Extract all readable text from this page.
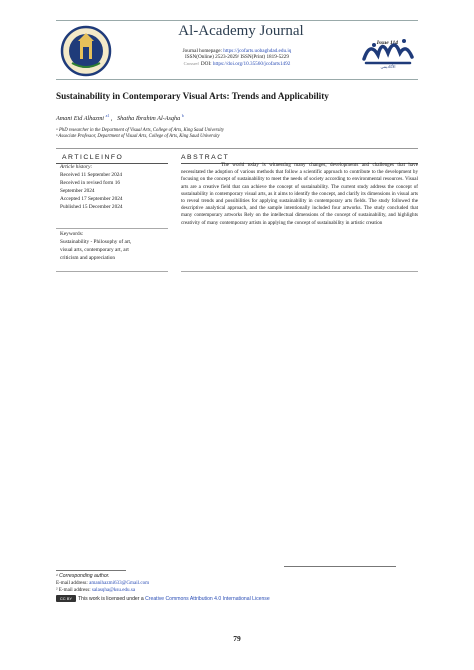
Al-Academy Journal
Issue 114
Journal homepage: https://jcofarts.uobaghdad.edu.iq
ISSN(Online) 2523-2029/ ISSN(Print) 1819-5229
Crossref DOI: https://doi.org/10.35560/jcofarts1492	الأكاديمي
Sustainability in Contemporary Visual Arts: Trends and Applicability
Amani Eid Alhazmi $^{a1}$ , Shatha Ibrahim Al-Asqha $^b$
ᵃ PhD researcher in the Department of Visual Arts, College of Arts, King Saud University
ᵇ Associate Professor, Department of Visual Arts, College of Arts, King Saud University
ARTICLEINFO
Article history:
Received 11 September 2024
Received in revised form 16
September 2024
Accepted 17 September 2024
Published 15 December 2024
Keywords:
Sustainability - Philosophy of art,
visual arts, contemporary art, art
criticism and appreciation
ABSTRACT
The world today is witnessing many changes, developments and challenges that have necessitated the adoption of various methods that follow a scientific approach to contribute to the development by focusing on the concept of sustainability to meet the needs of society according to environmental resources. Visual arts are a creative field that can achieve the concept of sustainability. The current study address the concept of sustainability in contemporary visual arts, as it aims to identify the concept, and clarify its dimensions in visual arts to reveal trends and possibilities for applying sustainability in contemporary arts fields. The study followed the descriptive analytical approach, and the sample intentionally included four artworks. The study concluded that many contemporary artworks Rely on the intellectual dimensions of the concept of sustainability, and highlights creativity of many contemporary artists in applying the concept of sustainability in artistic creation
¹ Corresponding author.
E-mail address: amanihazmi633@Gmail.com
² E-mail address: salasqha@ksu.edu.sa
CC BY This work is licensed under a Creative Commons Attribution 4.0 International License
79
